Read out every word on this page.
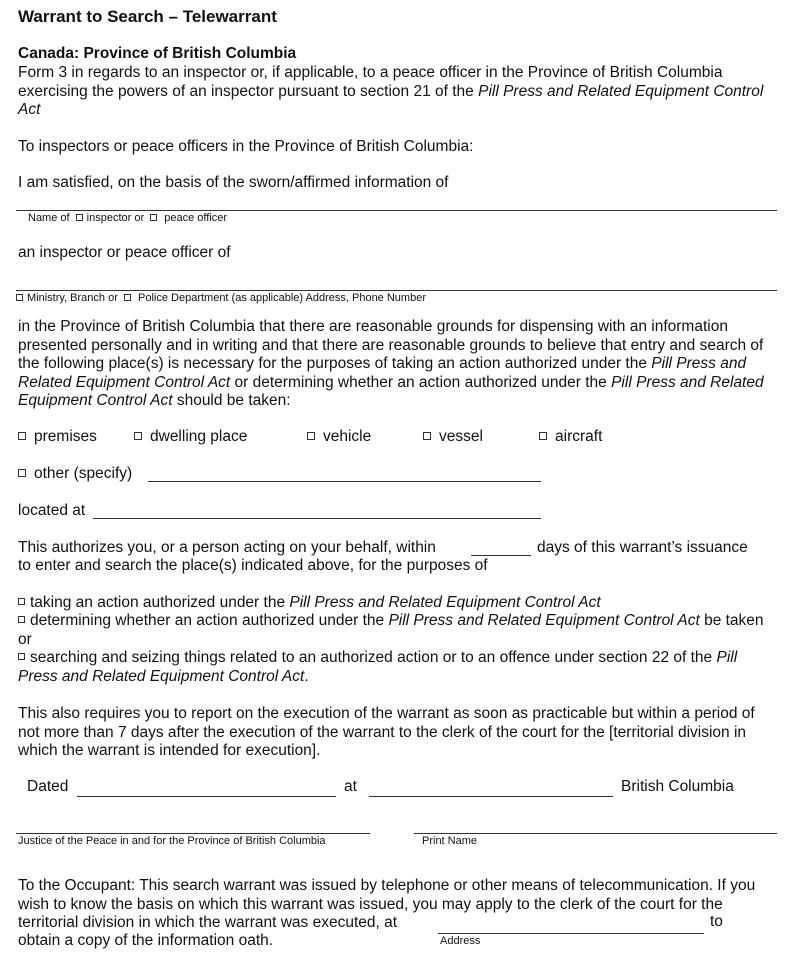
Warrant to Search – Telewarrant
Canada: Province of British Columbia
Form 3 in regards to an inspector or, if applicable, to a peace officer in the Province of British Columbia exercising the powers of an inspector pursuant to section 21 of the Pill Press and Related Equipment Control Act
To inspectors or peace officers in the Province of British Columbia:
I am satisfied, on the basis of the sworn/affirmed information of
Name of inspector or peace officer
an inspector or peace officer of
Ministry, Branch or Police Department (as applicable) Address, Phone Number
in the Province of British Columbia that there are reasonable grounds for dispensing with an information presented personally and in writing and that there are reasonable grounds to believe that entry and search of the following place(s) is necessary for the purposes of taking an action authorized under the Pill Press and Related Equipment Control Act or determining whether an action authorized under the Pill Press and Related Equipment Control Act should be taken:
premises	dwelling place	vehicle	vessel	aircraft
other (specify)
located at
This authorizes you, or a person acting on your behalf, within	days of this warrant’s issuance
to enter and search the place(s) indicated above, for the purposes of
taking an action authorized under the Pill Press and Related Equipment Control Act
determining whether an action authorized under the Pill Press and Related Equipment Control Act be taken or
searching and seizing things related to an authorized action or to an offence under section 22 of the Pill Press and Related Equipment Control Act.
This also requires you to report on the execution of the warrant as soon as practicable but within a period of not more than 7 days after the execution of the warrant to the clerk of the court for the [territorial division in which the warrant is intended for execution].
Dated	at	British Columbia
Justice of the Peace in and for the Province of British Columbia	Print Name
To the Occupant: This search warrant was issued by telephone or other means of telecommunication. If you wish to know the basis on which this warrant was issued, you may apply to the clerk of the court for the territorial division in which the warrant was executed, at	to
obtain a copy of the information oath.	Address
